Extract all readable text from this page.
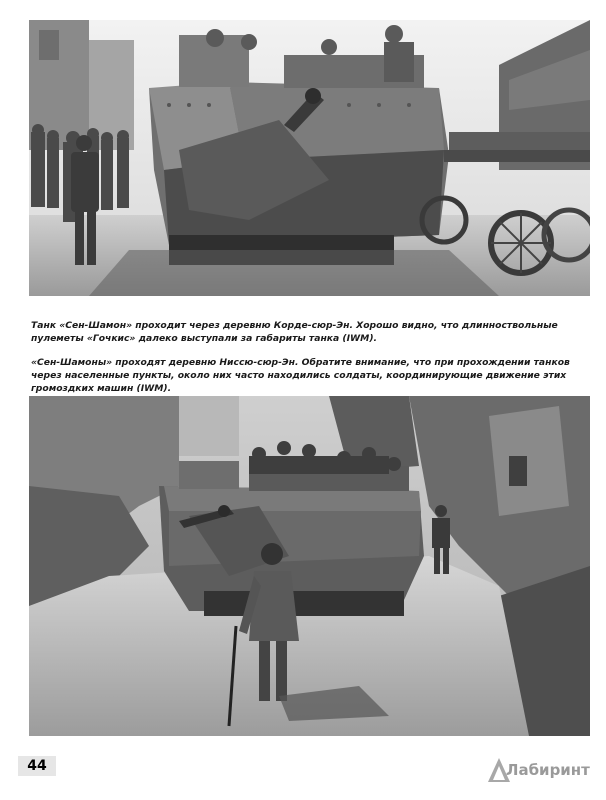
Танк «Сен-Шамон» проходит через деревню Корде-сюр-Эн. Хорошо видно, что длинноствольные пулеметы «Гочкис» далеко выступали за габариты танка (IWM).

«Сен-Шамоны» проходят деревню Ниссю-сюр-Эн. Обратите внимание, что при прохождении танков через населенные пункты, около них часто находились солдаты, координирующие движение этих громоздких машин (IWM).

44	Лабиринт
